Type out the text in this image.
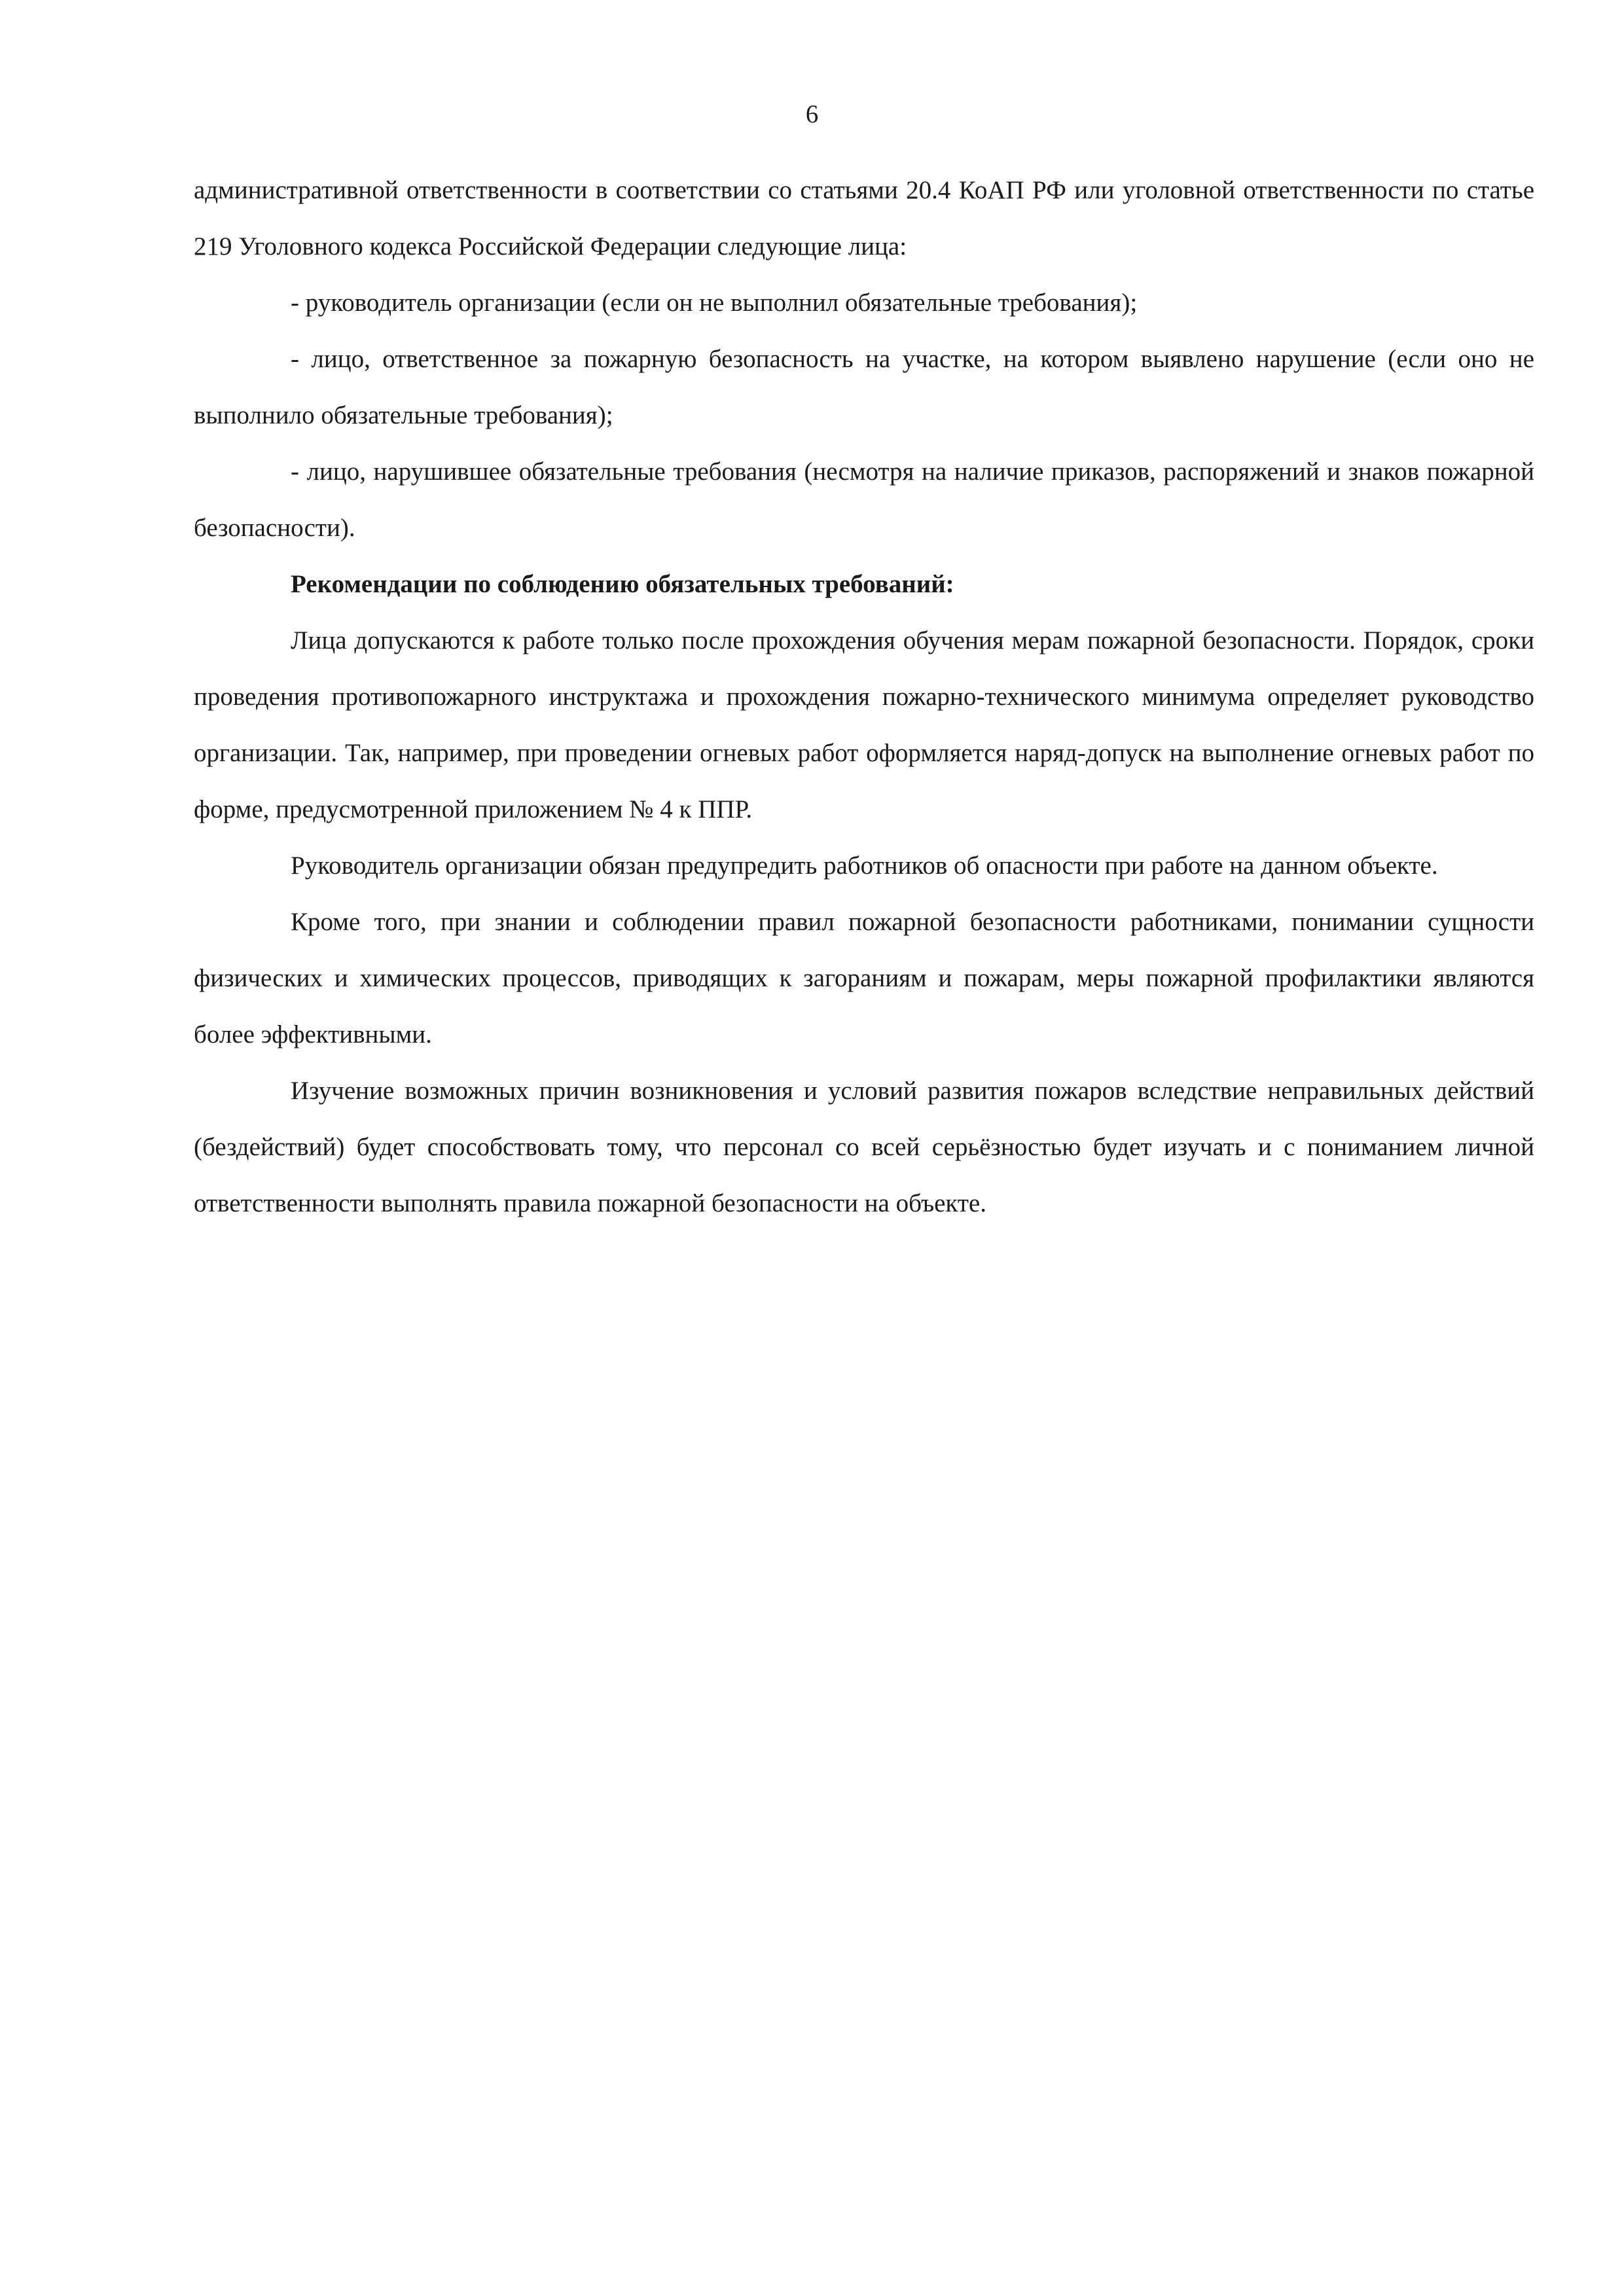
6

административной ответственности в соответствии со статьями 20.4 КоАП РФ или уголовной ответственности по статье 219 Уголовного кодекса Российской Федерации следующие лица:

- руководитель организации (если он не выполнил обязательные требования);

- лицо, ответственное за пожарную безопасность на участке, на котором выявлено нарушение (если оно не выполнило обязательные требования);

- лицо, нарушившее обязательные требования (несмотря на наличие приказов, распоряжений и знаков пожарной безопасности).

Рекомендации по соблюдению обязательных требований:

Лица допускаются к работе только после прохождения обучения мерам пожарной безопасности. Порядок, сроки проведения противопожарного инструктажа и прохождения пожарно-технического минимума определяет руководство организации. Так, например, при проведении огневых работ оформляется наряд-допуск на выполнение огневых работ по форме, предусмотренной приложением № 4 к ППР.

Руководитель организации обязан предупредить работников об опасности при работе на данном объекте.

Кроме того, при знании и соблюдении правил пожарной безопасности работниками, понимании сущности физических и химических процессов, приводящих к загораниям и пожарам, меры пожарной профилактики являются более эффективными.

Изучение возможных причин возникновения и условий развития пожаров вследствие неправильных действий (бездействий) будет способствовать тому, что персонал со всей серьёзностью будет изучать и с пониманием личной ответственности выполнять правила пожарной безопасности на объекте.
